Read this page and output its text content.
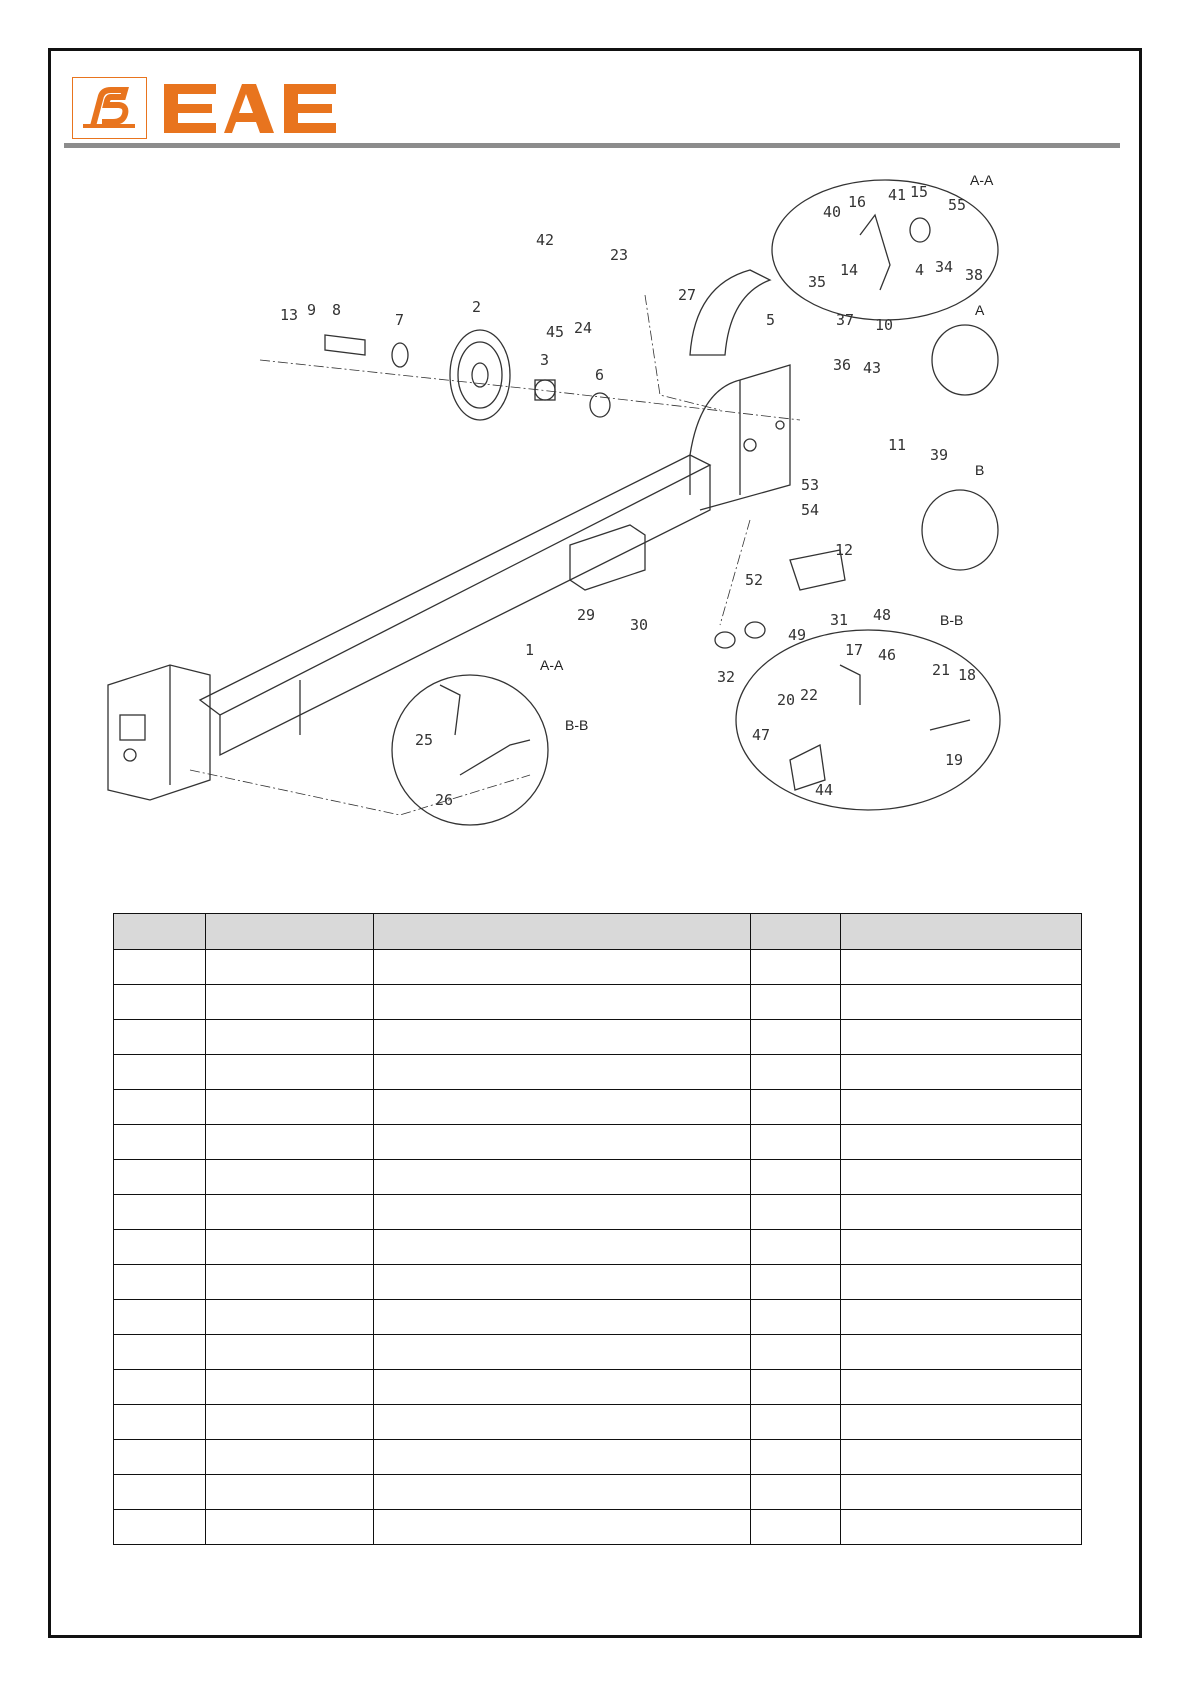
A-A
A
B
B-B
A-A
B-B
1
2
3
4
5
6
7
8
9
10
11
12
13
14
15
16
17
18
19
20
21
22
23
24
25
26
27
29
30	31
32
34
35
36
37
38
39
40
41
42
43
44
45
46
47
48
49
52
53
54
55
